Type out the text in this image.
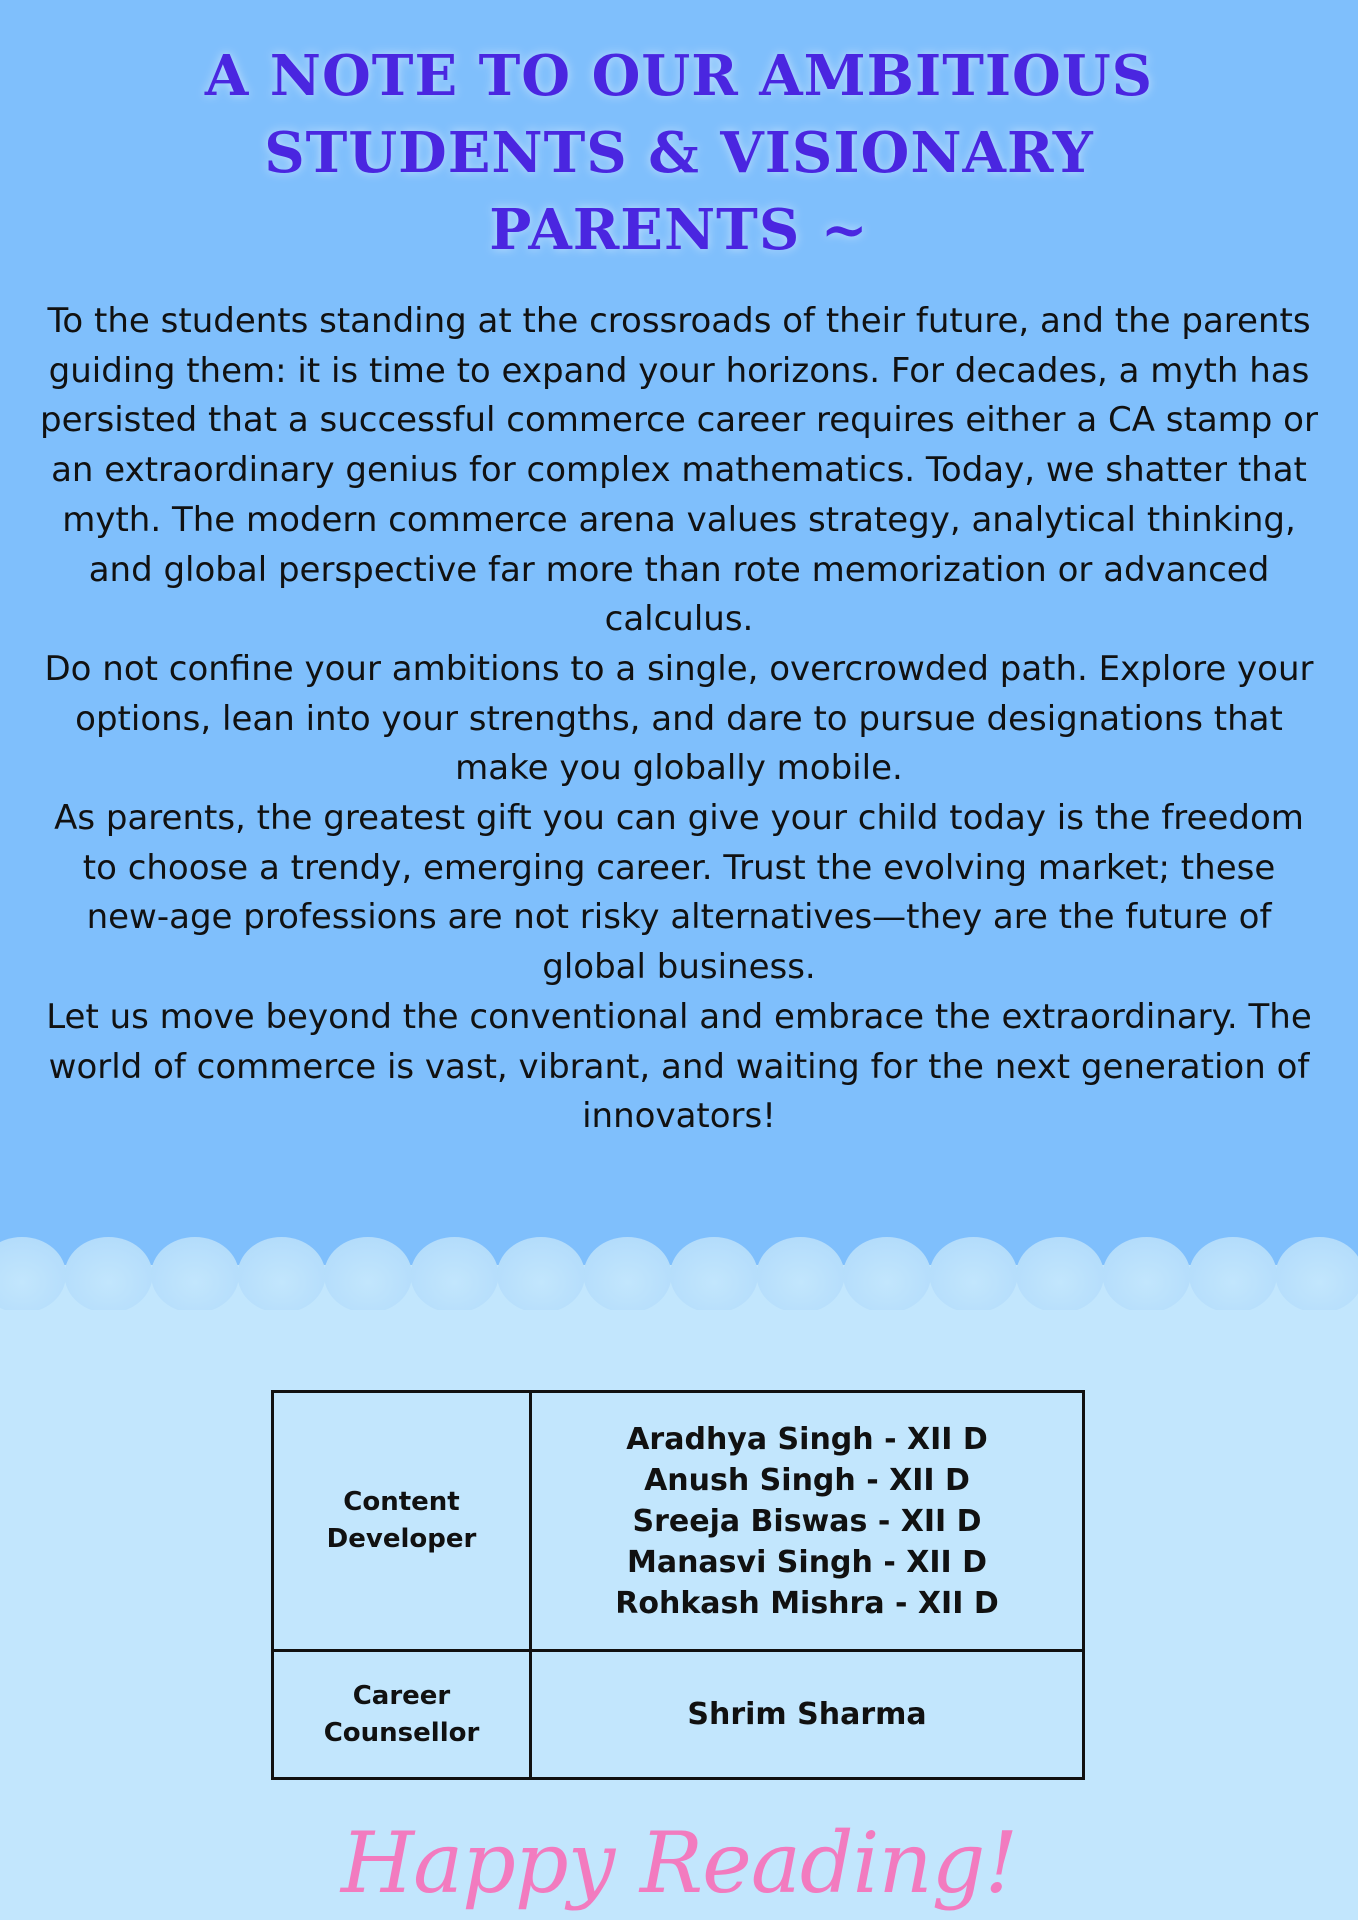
A NOTE TO OUR AMBITIOUS
STUDENTS & VISIONARY
PARENTS ~

To the students standing at the crossroads of their future, and the parents guiding them: it is time to expand your horizons. For decades, a myth has persisted that a successful commerce career requires either a CA stamp or an extraordinary genius for complex mathematics. Today, we shatter that myth. The modern commerce arena values strategy, analytical thinking, and global perspective far more than rote memorization or advanced calculus.

Do not confine your ambitions to a single, overcrowded path. Explore your options, lean into your strengths, and dare to pursue designations that make you globally mobile.

As parents, the greatest gift you can give your child today is the freedom to choose a trendy, emerging career. Trust the evolving market; these new-age professions are not risky alternatives—they are the future of global business.

Let us move beyond the conventional and embrace the extraordinary. The world of commerce is vast, vibrant, and waiting for the next generation of innovators!

Content
Developer	Aradhya Singh - XII D
Anush Singh - XII D
Sreeja Biswas - XII D
Manasvi Singh - XII D
Rohkash Mishra - XII D

Career
Counsellor	Shrim Sharma
Happy Reading!
